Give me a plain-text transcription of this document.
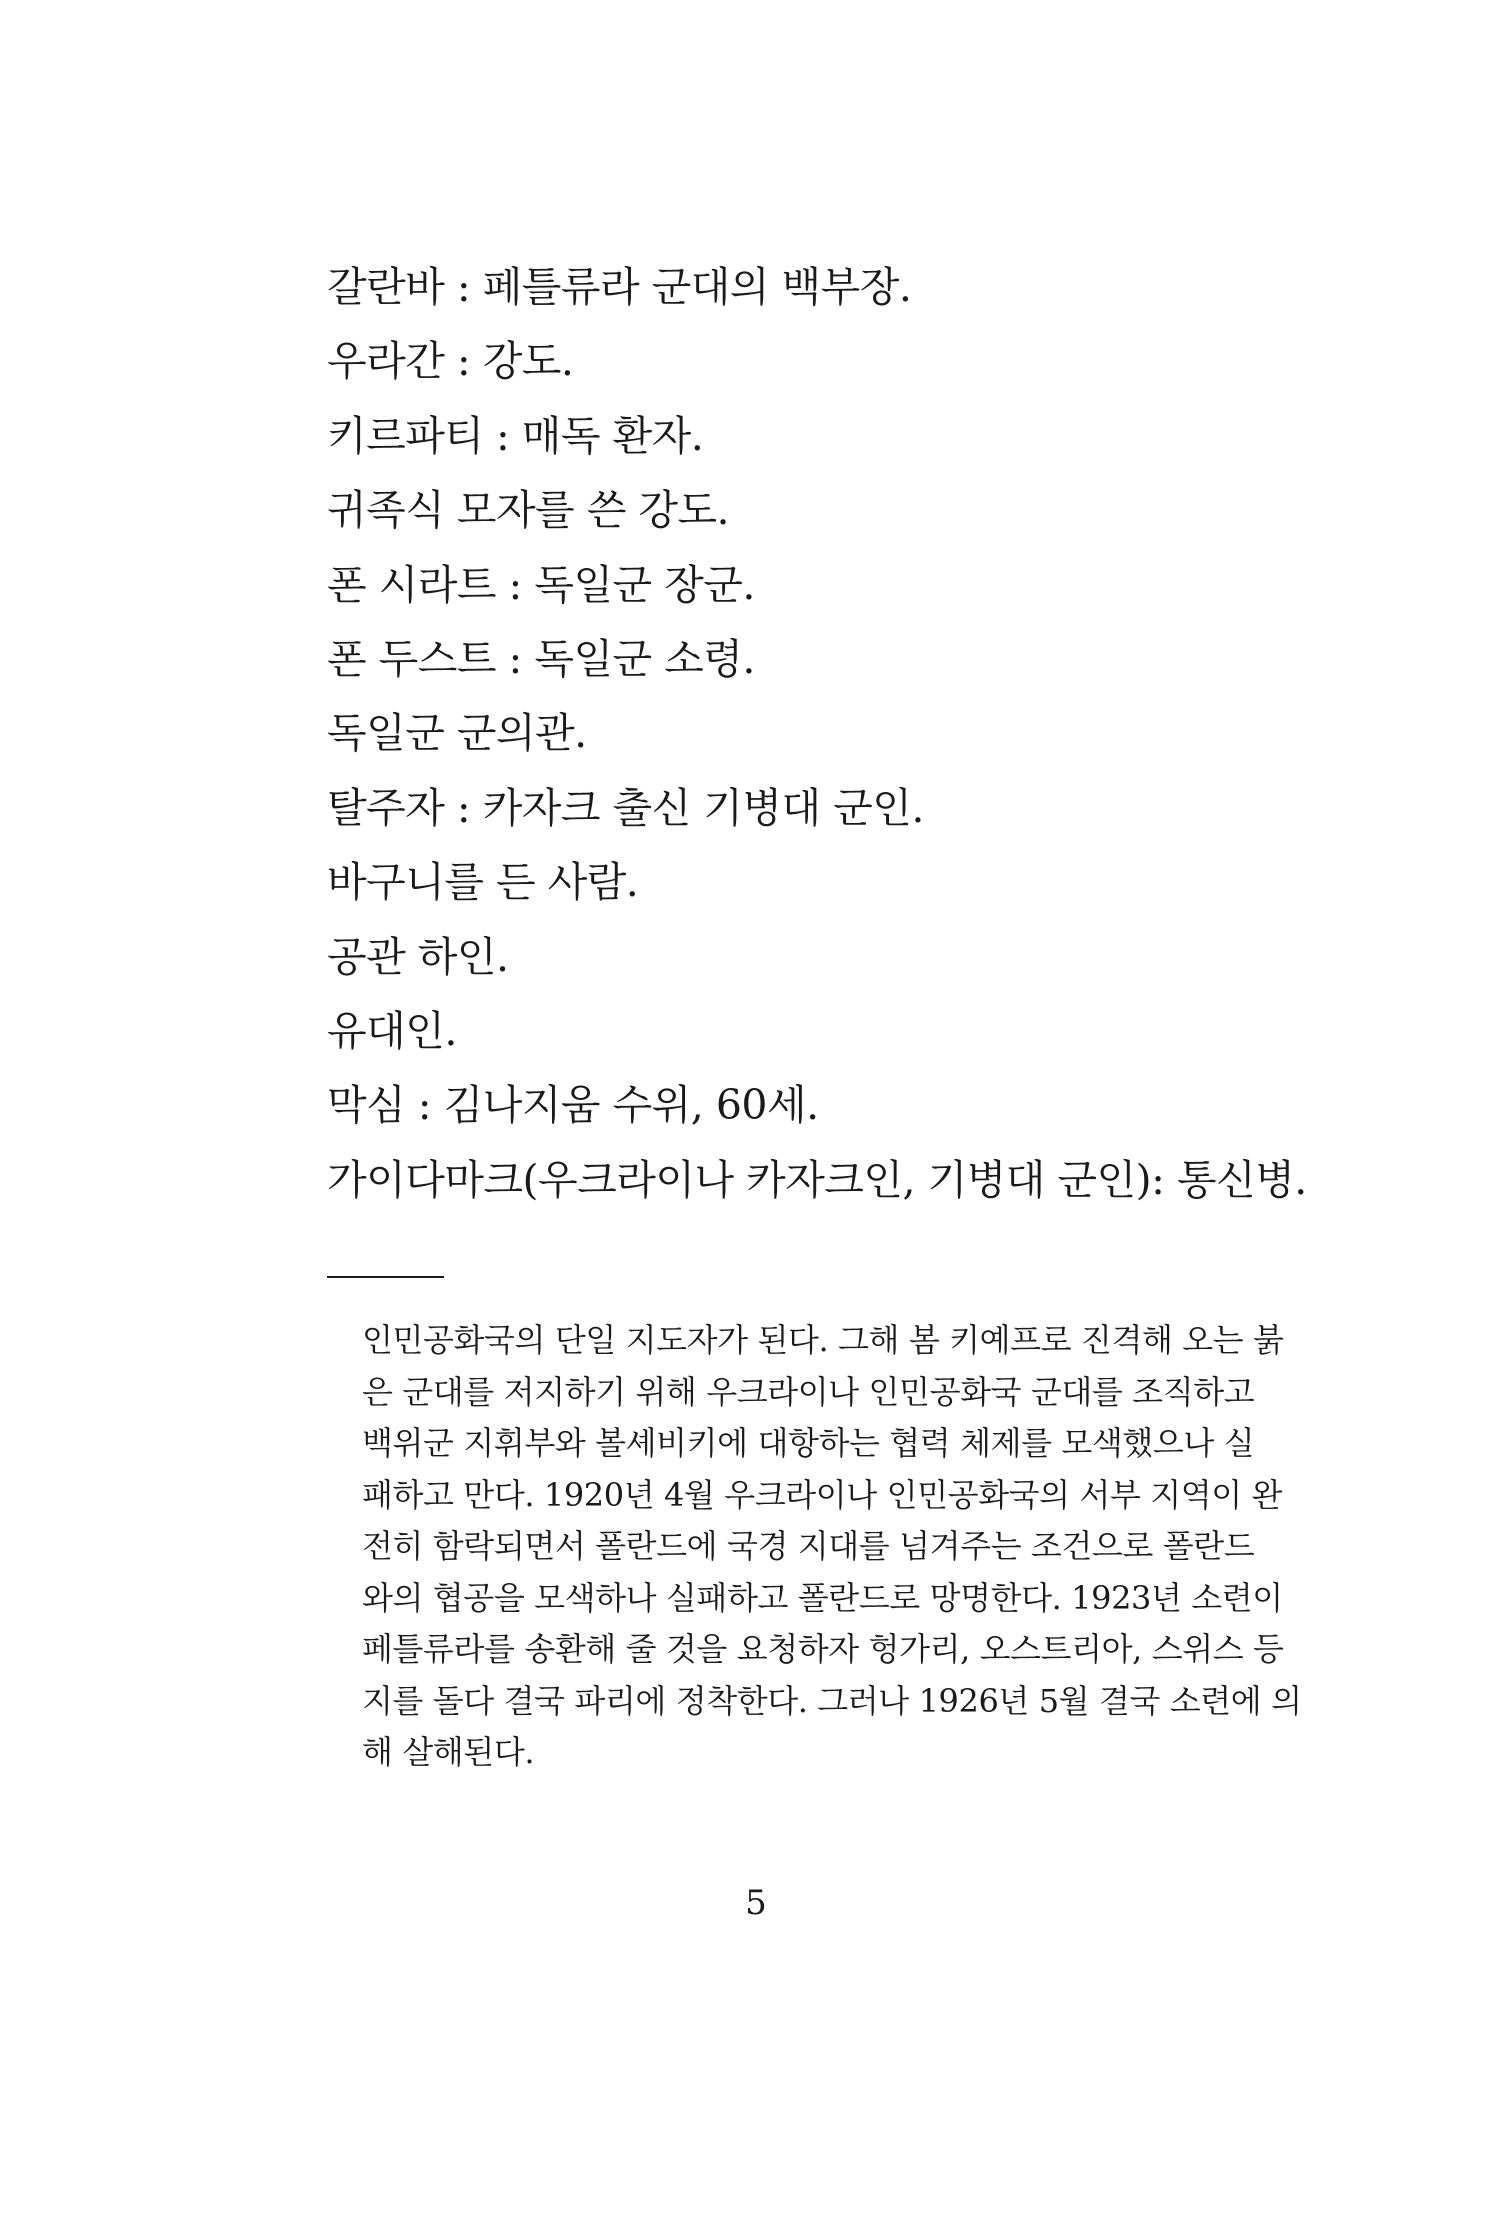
갈란바 : 페틀류라 군대의 백부장.
우라간 : 강도.
키르파티 : 매독 환자.
귀족식 모자를 쓴 강도.
폰 시라트 : 독일군 장군.
폰 두스트 : 독일군 소령.
독일군 군의관.
탈주자 : 카자크 출신 기병대 군인.
바구니를 든 사람.
공관 하인.
유대인.
막심 : 김나지움 수위, 60세.
가이다마크(우크라이나 카자크인, 기병대 군인): 통신병.
인민공화국의 단일 지도자가 된다. 그해 봄 키예프로 진격해 오는 붉
은 군대를 저지하기 위해 우크라이나 인민공화국 군대를 조직하고
백위군 지휘부와 볼셰비키에 대항하는 협력 체제를 모색했으나 실
패하고 만다. 1920년 4월 우크라이나 인민공화국의 서부 지역이 완
전히 함락되면서 폴란드에 국경 지대를 넘겨주는 조건으로 폴란드
와의 협공을 모색하나 실패하고 폴란드로 망명한다. 1923년 소련이
페틀류라를 송환해 줄 것을 요청하자 헝가리, 오스트리아, 스위스 등
지를 돌다 결국 파리에 정착한다. 그러나 1926년 5월 결국 소련에 의
해 살해된다.
5
